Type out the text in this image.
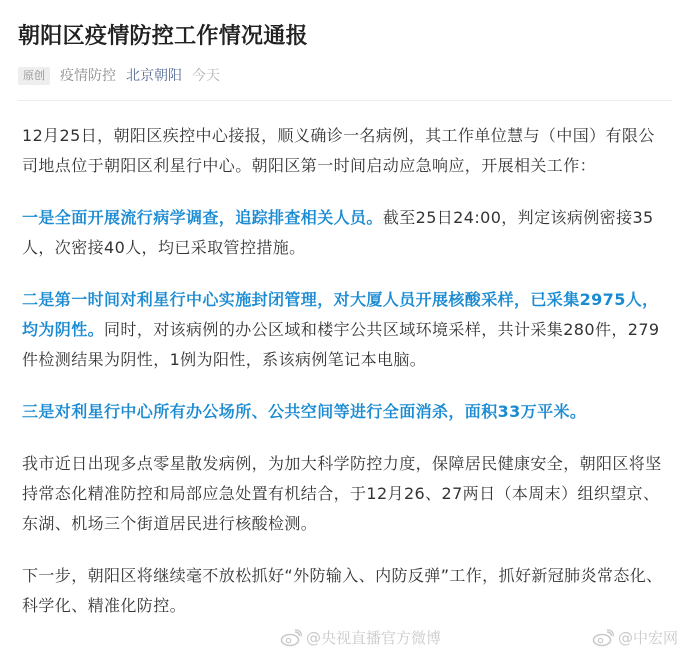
朝阳区疫情防控工作情况通报
原创	疫情防控 北京朝阳 今天

12月25日，朝阳区疾控中心接报，顺义确诊一名病例，其工作单位慧与（中国）有限公司地点位于朝阳区利星行中心。朝阳区第一时间启动应急响应，开展相关工作：

一是全面开展流行病学调查，追踪排查相关人员。截至25日24:00，判定该病例密接35人，次密接40人，均已采取管控措施。

二是第一时间对利星行中心实施封闭管理，对大厦人员开展核酸采样，已采集2975人，均为阴性。同时，对该病例的办公区域和楼宇公共区域环境采样，共计采集280件，279件检测结果为阴性，1例为阳性，系该病例笔记本电脑。

三是对利星行中心所有办公场所、公共空间等进行全面消杀，面积33万平米。

我市近日出现多点零星散发病例，为加大科学防控力度，保障居民健康安全，朝阳区将坚持常态化精准防控和局部应急处置有机结合，于12月26、27两日（本周末）组织望京、东湖、机场三个街道居民进行核酸检测。

下一步，朝阳区将继续毫不放松抓好“外防输入、内防反弹”工作，抓好新冠肺炎常态化、科学化、精准化防控。

@央视直播官方微博	@中宏网
